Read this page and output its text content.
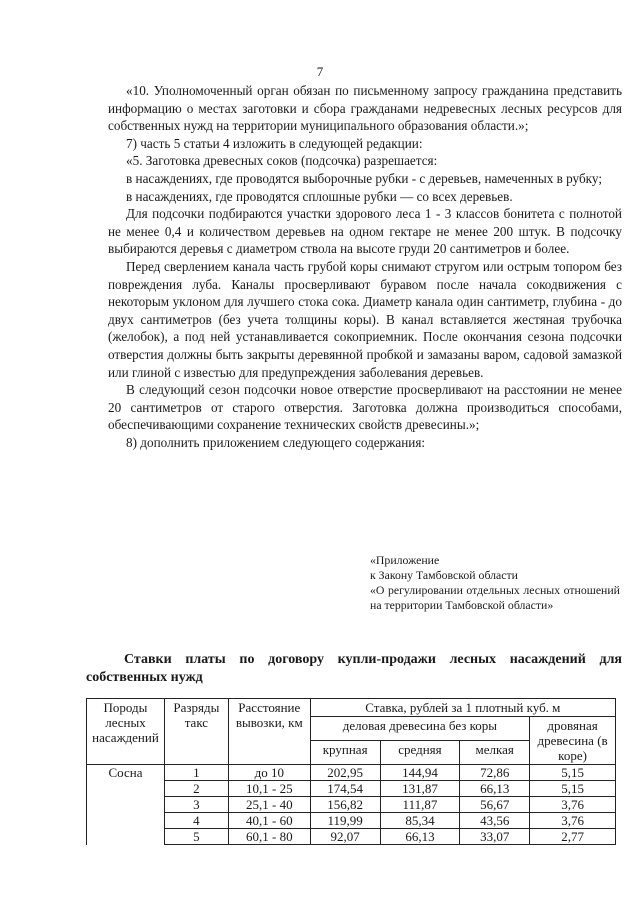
7

«10. Уполномоченный орган обязан по письменному запросу гражданина представить информацию о местах заготовки и сбора гражданами недревесных лесных ресурсов для собственных нужд на территории муниципального образования области.»;

7) часть 5 статьи 4 изложить в следующей редакции:

«5. Заготовка древесных соков (подсочка) разрешается:

в насаждениях, где проводятся выборочные рубки - с деревьев, намеченных в рубку;

в насаждениях, где проводятся сплошные рубки — со всех деревьев.

Для подсочки подбираются участки здорового леса 1 - 3 классов бонитета с полнотой не менее 0,4 и количеством деревьев на одном гектаре не менее 200 штук. В подсочку выбираются деревья с диаметром ствола на высоте груди 20 сантиметров и более.

Перед сверлением канала часть грубой коры снимают стругом или острым топором без повреждения луба. Каналы просверливают буравом после начала сокодвижения с некоторым уклоном для лучшего стока сока. Диаметр канала один сантиметр, глубина - до двух сантиметров (без учета толщины коры). В канал вставляется жестяная трубочка (желобок), а под ней устанавливается сокоприемник. После окончания сезона подсочки отверстия должны быть закрыты деревянной пробкой и замазаны варом, садовой замазкой или глиной с известью для предупреждения заболевания деревьев.

В следующий сезон подсочки новое отверстие просверливают на расстоянии не менее 20 сантиметров от старого отверстия. Заготовка должна производиться способами, обеспечивающими сохранение технических свойств древесины.»;

8) дополнить приложением следующего содержания:

«Приложение
к Закону Тамбовской области
«О регулировании отдельных лесных отношений на территории Тамбовской области»
Ставки платы по договору купли-продажи лесных насаждений для собственных нужд
Породы лесных насаждений	Разряды такс	Расстояние вывозки, км	Ставка, рублей за 1 плотный куб. м			
			деловая древесина без коры			дровяная древесина (в коре)
			крупная	средняя	мелкая	
Сосна	1	до 10	202,95	144,94	72,86	5,15
	2	10,1 - 25	174,54	131,87	66,13	5,15
	3	25,1 - 40	156,82	111,87	56,67	3,76
	4	40,1 - 60	119,99	85,34	43,56	3,76
	5	60,1 - 80	92,07	66,13	33,07	2,77
